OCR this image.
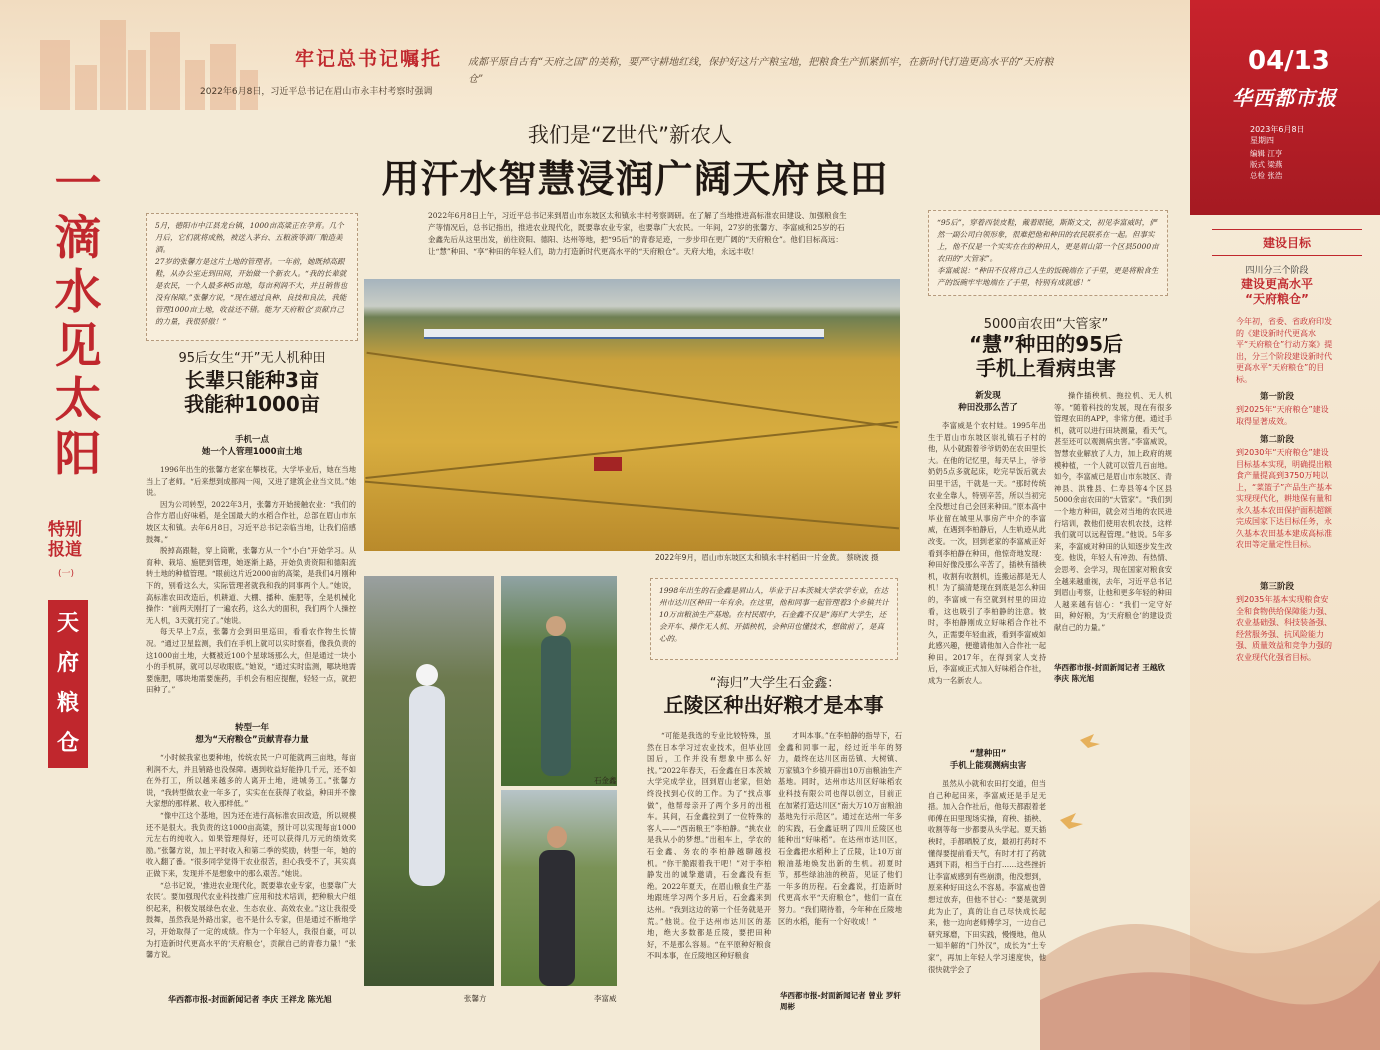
牢记总书记嘱托
2022年6月8日，习近平总书记在眉山市永丰村考察时强调
成都平原自古有“天府之国”的美称，要严守耕地红线，保护好这片产粮宝地，把粮食生产抓紧抓牢，在新时代打造更高水平的“天府粮仓”
04/13
华西都市报
2023年6月8日
星期四
编辑 江亨
版式 梁燕
总检 张浩
建设目标
四川分三个阶段
建设更高水平
“天府粮仓”
今年初，省委、省政府印发的《建设新时代更高水平“天府粮仓”行动方案》提出，分三个阶段建设新时代更高水平“天府粮仓”的目标。
第一阶段
到2025年“天府粮仓”建设取得显著成效。
第二阶段
到2030年“天府粮仓”建设目标基本实现，明确提出粮食产量提高到3750万吨以上，“菜篮子”产品生产基本实现现代化，耕地保有量和永久基本农田保护面积超额完成国家下达目标任务，永久基本农田基本建成高标准农田等定量定性目标。
第三阶段
到2035年基本实现粮食安全和食物供给保障能力强、农业基础强、科技装备强、经营服务强、抗风险能力强、质量效益和竞争力强的农业现代化强省目标。
一
滴
水
见
太
阳
特别报道
(一)
天
府
粮
仓
我们是“Z世代”新农人
用汗水智慧浸润广阔天府良田
2022年6月8日上午，习近平总书记来到眉山市东坡区太和镇永丰村考察调研。在了解了当地推进高标准农田建设、加强粮食生产等情况后，总书记指出，推进农业现代化，既要靠农业专家，也要靠广大农民。一年间，27岁的张馨方、李富威和25岁的石金鑫先后从这里出发，前往资阳、德阳、达州等地，把“95后”的青春足迹，一步步印在更广阔的“天府粮仓”。他们目标高远：让“慧”种田、“享”种田的年轻人们，助力打造新时代更高水平的“天府粮仓”。天府大地，永远丰收！
5月，德阳市中江县龙台镇，1000亩高粱正在孕育。几个月后，它们就将成熟，被送入茅台、五粮液等酒厂酿造美酒。
27岁的张馨方是这片土地的管理者。一年前，她既掉高跟鞋，从办公室走到田间，开始做一个新农人。“我的长辈就是农民，一个人最多种5亩地，每亩利润不大，并且销售也没有保障。”张馨方说，“现在通过良种、良技和良法，我能管理1000亩土地，收益还不错。能为‘天府粮仓’贡献自己的力量，我很骄傲！”
“95后”，穿着西装皮鞋，戴着眼镜，斯斯文文，初见李富威时，俨然一副公司白领形象，很难把他和种田的农民联系在一起。但事实上，他不仅是一个实实在在的种田人，更是眉山第一个区县5000亩农田的“大管家”。
李富威说：“种田不仅将自己人生的饭碗端在了手里，更是将粮食生产的饭碗牢牢地端在了手里，特别有成就感！”
2022年9月，眉山市东坡区太和镇永丰村稻田一片金黄。 蔡晓波 摄
95后女生“开”无人机种田
长辈只能种3亩
我能种1000亩
手机一点
她一个人管理1000亩土地

1996年出生的张馨方老家在攀枝花，大学毕业后，她在当地当上了老师。“后来想到成都闯一闯，又进了建筑企业当文员。”她说。

因为公司转型，2022年3月，张馨方开始接触农业：“我们的合作方眉山好味稻，是全国最大的水稻合作社，总部在眉山市东坡区太和镇。去年6月8日，习近平总书记亲临当地，让我们倍感鼓舞。”

脱掉高跟鞋，穿上筒靴，张馨方从一个“小白”开始学习。从育种、栽培、施肥到管理，她逐渐上路，开始负责资阳和德阳流转土地的种植管理。“眼前这片近2000亩的高粱，是我们4月刚种下的，别看这么大，实际管理者就我和我的同事两个人。”她说，高标准农田改造后，机耕道、大棚、播种、施肥等，全是机械化操作：“前两天刚打了一遍农药，这么大的面积，我们两个人操控无人机，3天就打完了。”她说。

每天早上7点，张馨方会到田里巡田，看看农作物生长情况。“通过卫星监测，我们在手机上就可以实时察看，像我负责的这1000亩土地，大概被近100个星球场那么大，但是通过一块小小的手机屏，就可以尽收眼底。”她说，“通过实时监测，哪块地需要施肥，哪块地需要施药，手机会有相应提醒，轻轻一点，就把田种了。”

转型一年
想为“天府粮仓”贡献青春力量

“小时候我家也要种地，传统农民一户可能就两三亩地，每亩利润不大，并且销路也没保障。遇到收益好能挣几千元，还不如在外打工，所以越来越多的人离开土地，进城务工。”张馨方说，“我转型做农业一年多了，实实在在获得了收益，种田并不像大家想的那样累、收入那样低。”

“像中江这个基地，因为还在进行高标准农田改造，所以规模还不是很大。我负责的这1000亩高粱，预计可以实现每亩1000元左右的纯收入。如果管理得好，还可以获得几万元的绩效奖励。”张馨方说，加上平时收入和第二季的奖励，转型一年，她的收入翻了番。“很多同学觉得干农业很苦，担心我受不了，其实真正做下来，发现并不是想象中的那么艰苦。”她说。

“总书记说，‘推进农业现代化，既要靠农业专家，也要靠广大农民’。要加强现代农业科技推广应用和技术培训，把种粮大户组织起来，积极发展绿色农业、生态农业、高效农业。”这让我很受鼓舞，虽然我是外路出家，也不是什么专家，但是通过不断地学习，开始取得了一定的成绩。作为一个年轻人，我很自豪，可以为打造新时代更高水平的‘天府粮仓’，贡献自己的青春力量！”张馨方说。

华西都市报-封面新闻记者 李庆 王祥龙 陈光旭	张馨方
石金鑫
李富威
1998年出生的石金鑫是眉山人，毕业于日本茨城大学农学专业，在达州市达川区种田一年有余。在这里，他和同事一起管理着3个乡镇共计10万亩粮油生产基地。在村民眼中，石金鑫不仅是“海归”大学生，还会开车、操作无人机、开插秧机，会种田也懂技术，想做前了，是真心的。
“海归”大学生石金鑫：
丘陵区种出好粮才是本事
“可能是我选的专业比较特殊，虽然在日本学习过农业技术，但毕业回国后，工作并没有想象中那么好找。”2022年春天，石金鑫在日本茨城大学完成学业，回到眉山老家，但始终没找到心仪的工作。为了“找点事做”，他帮母亲开了两个多月的出租车。其间，石金鑫拉到了一位特殊的客人——“西南粮王”李柏静。“挑农业是我从小的梦想。”出租车上，学农的石金鑫、务农的李柏静越聊越投机。“你干脆跟着我干吧！”对于李柏静发出的诚挚邀请，石金鑫没有拒绝。2022年夏天，在眉山粮食生产基地跟班学习两个多月后，石金鑫来到达州。“我到这边的第一个任务就是开荒。”他说。位于达州市达川区的基地，绝大多数都是丘陵，要把田种好，不是那么容易。“在平原种好粮食不叫本事，在丘陵地区种好粮食
才叫本事。”在李柏静的指导下，石金鑫和同事一起，经过近半年的努力，最终在达川区南岳镇、大树镇、万家镇3个乡镇开辟出10万亩粮油生产基地。同时，达州市达川区好味稻农业科技有限公司也得以创立，目前正在加紧打造达川区“南大万10万亩粮油基地先行示范区”。通过在达州一年多的实践，石金鑫证明了四川丘陵区也能种出“好味稻”。在达州市达川区，石金鑫把水稻种上了丘陵，让10万亩粮油基地焕发出新的生机。初夏时节，那些绿油油的秧苗，见证了他们一年多的历程。石金鑫说，打造新时代更高水平“天府粮仓”，他们一直在努力。“我们期待着，今年种在丘陵地区的水稻，能有一个好收成！”
华西都市报-封面新闻记者 曾业 罗轩 周彬
5000亩农田“大管家”
“慧”种田的95后
手机上看病虫害
新发现
种田没那么苦了
李富威是个农村娃。1995年出生于眉山市东坡区崇礼镇石子村的他，从小就跟着爷爷奶奶在农田里长大。在他的记忆里，每天早上，爷爷奶奶5点多就起床，吃完早饭后就去田里干活，干就是一天。“那时传统农业全靠人，特别辛苦，所以当初完全没想过自己会回来种田。”原本高中毕业留在城里从事房产中介的李富威，在遇到李柏静后，人生轨迹从此改变。一次，回到老家的李富威正好看到李柏静在种田，他惊奇地发现：种田好像没那么辛苦了，插秧有插秧机，收割有收割机，连搬运都是无人机！为了搞清楚现在到底是怎么种田的，李富威一有空就到村里的田边看，这也吸引了李柏静的注意。彼时，李柏静刚成立好味稻合作社不久，正需要年轻血液，看到李富威如此感兴趣，便邀请他加入合作社一起种田。2017年，在得到家人支持后，李富威正式加入好味稻合作社，成为一名新农人。
“慧种田”
手机上能观测病虫害
虽然从小就和农田打交道，但当自己种起田来，李富威还是手足无措。加入合作社后，他每天都跟着老师傅在田里现场实操，育秧、插秧、收割等每一步都要从头学起。夏天插秧时，手都晒脱了皮，最初打药时不懂得要提前看天气，有时才打了药就遇到下雨，相当于白打……这些挫折让李富威感到有些崩溃，他没想到，原来种好田这么不容易。李富威也曾想过放弃，但他不甘心：“要是就到此为止了，真的让自己尽快成长起来，他一边向老师傅学习，一边自己研究琢磨，下田实践，慢慢地，他从一知半解的“门外汉”，成长为“土专家”，再加上年轻人学习速度快，他很快就学会了
操作插秧机、拖拉机、无人机等。“随着科技的发展，现在有很多管理农田的APP，非常方便。通过手机，就可以进行田块测量，看天气，甚至还可以观测病虫害。”李富威说，智慧农业解放了人力，加上政府的规模种植，一个人就可以管几百亩地。如今，李富威已是眉山市东坡区、青神县、洪雅县、仁寿县等4个区县5000余亩农田的“大管家”。“我们到一个地方种田，就会对当地的农民进行培训，教他们使用农机农技，这样我们就可以远程管理。”他说。5年多来，李富威对种田的认知逐步发生改变。他说，年轻人有冲劲、有热情、会思考、会学习，现在国家对粮食安全越来越重视，去年，习近平总书记到眉山考察，让他和更多年轻的种田人越来越有信心：“我们一定守好田，种好粮，为‘天府粮仓’的建设贡献自己的力量。”
华西都市报-封面新闻记者 王越欣 李庆 陈光旭
